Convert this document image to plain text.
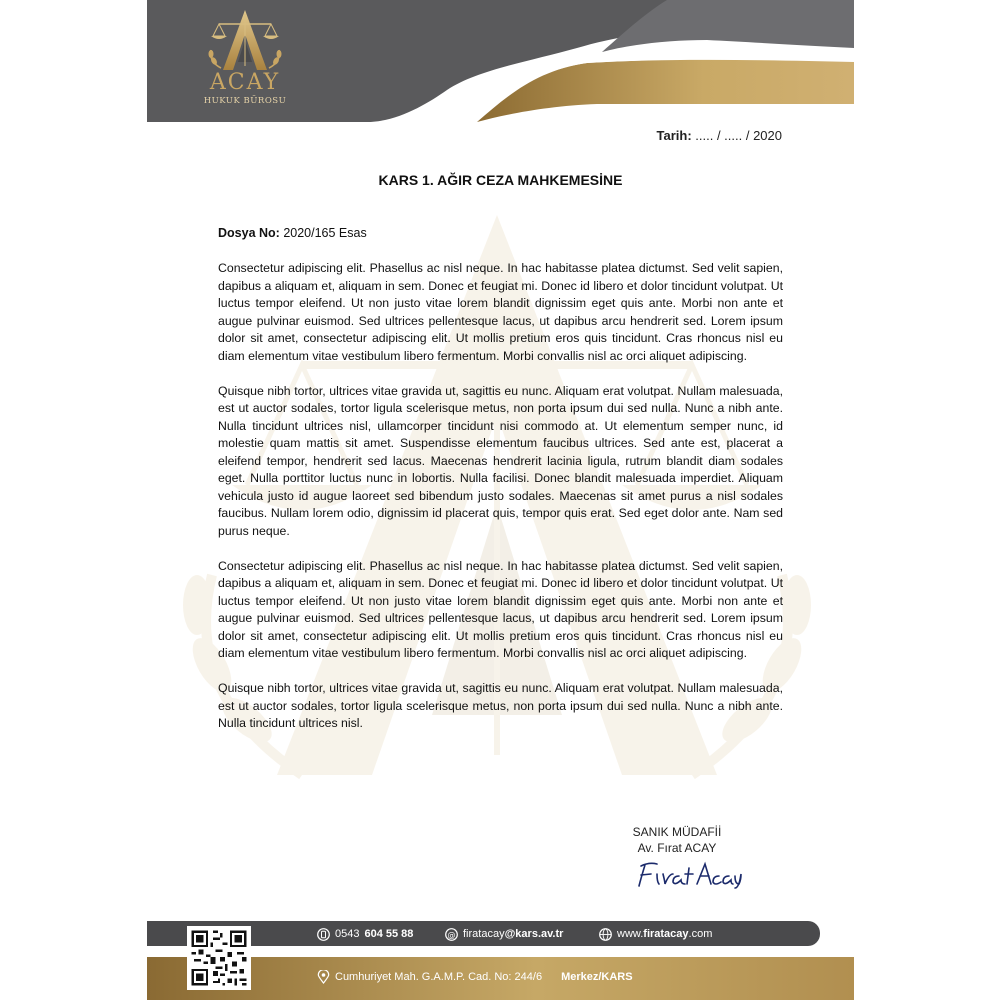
ACAY
HUKUK BÜROSU
Tarih: ..... / ..... / 2020
KARS 1. AĞIR CEZA MAHKEMESİNE
Dosya No: 2020/165 Esas

Consectetur adipiscing elit. Phasellus ac nisl neque. In hac habitasse platea dictumst. Sed velit sapien, dapibus a aliquam et, aliquam in sem. Donec et feugiat mi. Donec id libero et dolor tincidunt volutpat. Ut luctus tempor eleifend. Ut non justo vitae lorem blandit dignissim eget quis ante. Morbi non ante et augue pulvinar euismod. Sed ultrices pellentesque lacus, ut dapibus arcu hendrerit sed. Lorem ipsum dolor sit amet, consectetur adipiscing elit. Ut mollis pretium eros quis tincidunt. Cras rhoncus nisl eu diam elementum vitae vestibulum libero fermentum. Morbi convallis nisl ac orci aliquet adipiscing.

Quisque nibh tortor, ultrices vitae gravida ut, sagittis eu nunc. Aliquam erat volutpat. Nullam malesuada, est ut auctor sodales, tortor ligula scelerisque metus, non porta ipsum dui sed nulla. Nunc a nibh ante. Nulla tincidunt ultrices nisl, ullamcorper tincidunt nisi commodo at. Ut elementum semper nunc, id molestie quam mattis sit amet. Suspendisse elementum faucibus ultrices. Sed ante est, placerat a eleifend tempor, hendrerit sed lacus. Maecenas hendrerit lacinia ligula, rutrum blandit diam sodales eget. Nulla porttitor luctus nunc in lobortis. Nulla facilisi. Donec blandit malesuada imperdiet. Aliquam vehicula justo id augue laoreet sed bibendum justo sodales. Maecenas sit amet purus a nisl sodales faucibus. Nullam lorem odio, dignissim id placerat quis, tempor quis erat. Sed eget dolor ante. Nam sed purus neque.

Consectetur adipiscing elit. Phasellus ac nisl neque. In hac habitasse platea dictumst. Sed velit sapien, dapibus a aliquam et, aliquam in sem. Donec et feugiat mi. Donec id libero et dolor tincidunt volutpat. Ut luctus tempor eleifend. Ut non justo vitae lorem blandit dignissim eget quis ante. Morbi non ante et augue pulvinar euismod. Sed ultrices pellentesque lacus, ut dapibus arcu hendrerit sed. Lorem ipsum dolor sit amet, consectetur adipiscing elit. Ut mollis pretium eros quis tincidunt. Cras rhoncus nisl eu diam elementum vitae vestibulum libero fermentum. Morbi convallis nisl ac orci aliquet adipiscing.

Quisque nibh tortor, ultrices vitae gravida ut, sagittis eu nunc. Aliquam erat volutpat. Nullam malesuada, est ut auctor sodales, tortor ligula scelerisque metus, non porta ipsum dui sed nulla. Nunc a nibh ante. Nulla tincidunt ultrices nisl.

SANIK MÜDAFİİ
Av. Fırat ACAY
0543 604 55 88	@ firatacay@kars.av.tr	www.firatacay.com
Cumhuriyet Mah. G.A.M.P. Cad. No: 244/6 Merkez/KARS
